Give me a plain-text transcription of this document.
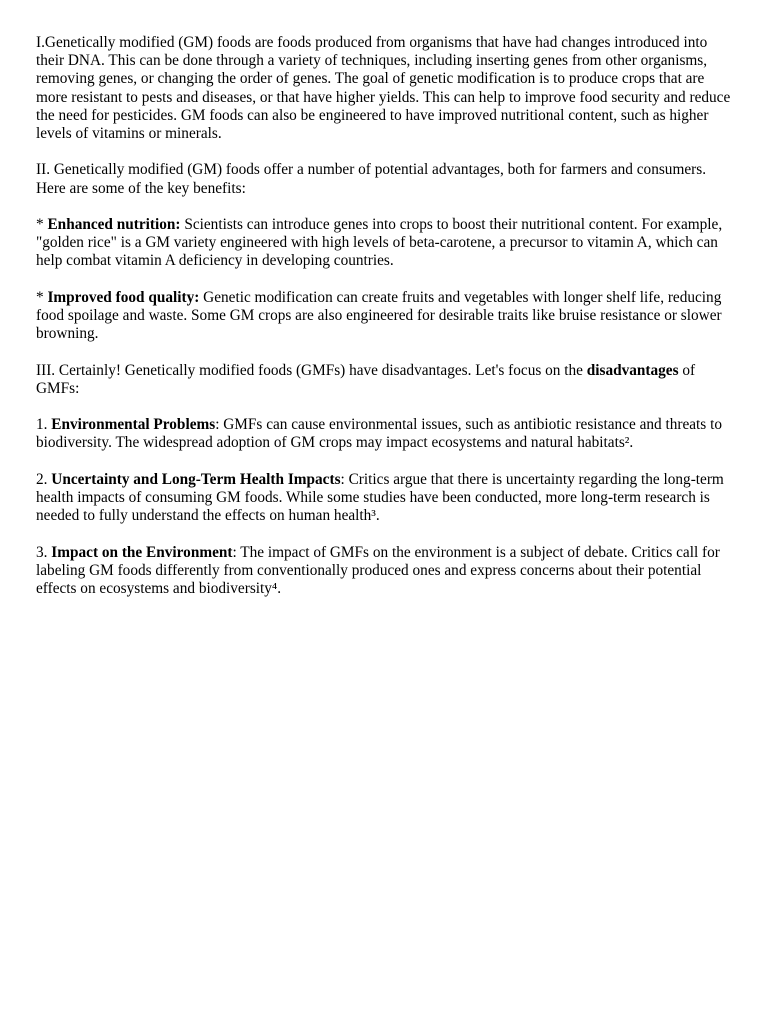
I.Genetically modified (GM) foods are foods produced from organisms that have had changes introduced into their DNA. This can be done through a variety of techniques, including inserting genes from other organisms, removing genes, or changing the order of genes. The goal of genetic modification is to produce crops that are more resistant to pests and diseases, or that have higher yields. This can help to improve food security and reduce the need for pesticides. GM foods can also be engineered to have improved nutritional content, such as higher levels of vitamins or minerals.

II. Genetically modified (GM) foods offer a number of potential advantages, both for farmers and consumers. Here are some of the key benefits:

* Enhanced nutrition: Scientists can introduce genes into crops to boost their nutritional content. For example, "golden rice" is a GM variety engineered with high levels of beta-carotene, a precursor to vitamin A, which can help combat vitamin A deficiency in developing countries.

* Improved food quality: Genetic modification can create fruits and vegetables with longer shelf life, reducing food spoilage and waste. Some GM crops are also engineered for desirable traits like bruise resistance or slower browning.

III. Certainly! Genetically modified foods (GMFs) have disadvantages. Let's focus on the disadvantages of GMFs:

1. Environmental Problems: GMFs can cause environmental issues, such as antibiotic resistance and threats to biodiversity. The widespread adoption of GM crops may impact ecosystems and natural habitats².

2. Uncertainty and Long-Term Health Impacts: Critics argue that there is uncertainty regarding the long-term health impacts of consuming GM foods. While some studies have been conducted, more long-term research is needed to fully understand the effects on human health³.

3. Impact on the Environment: The impact of GMFs on the environment is a subject of debate. Critics call for labeling GM foods differently from conventionally produced ones and express concerns about their potential effects on ecosystems and biodiversity⁴.
